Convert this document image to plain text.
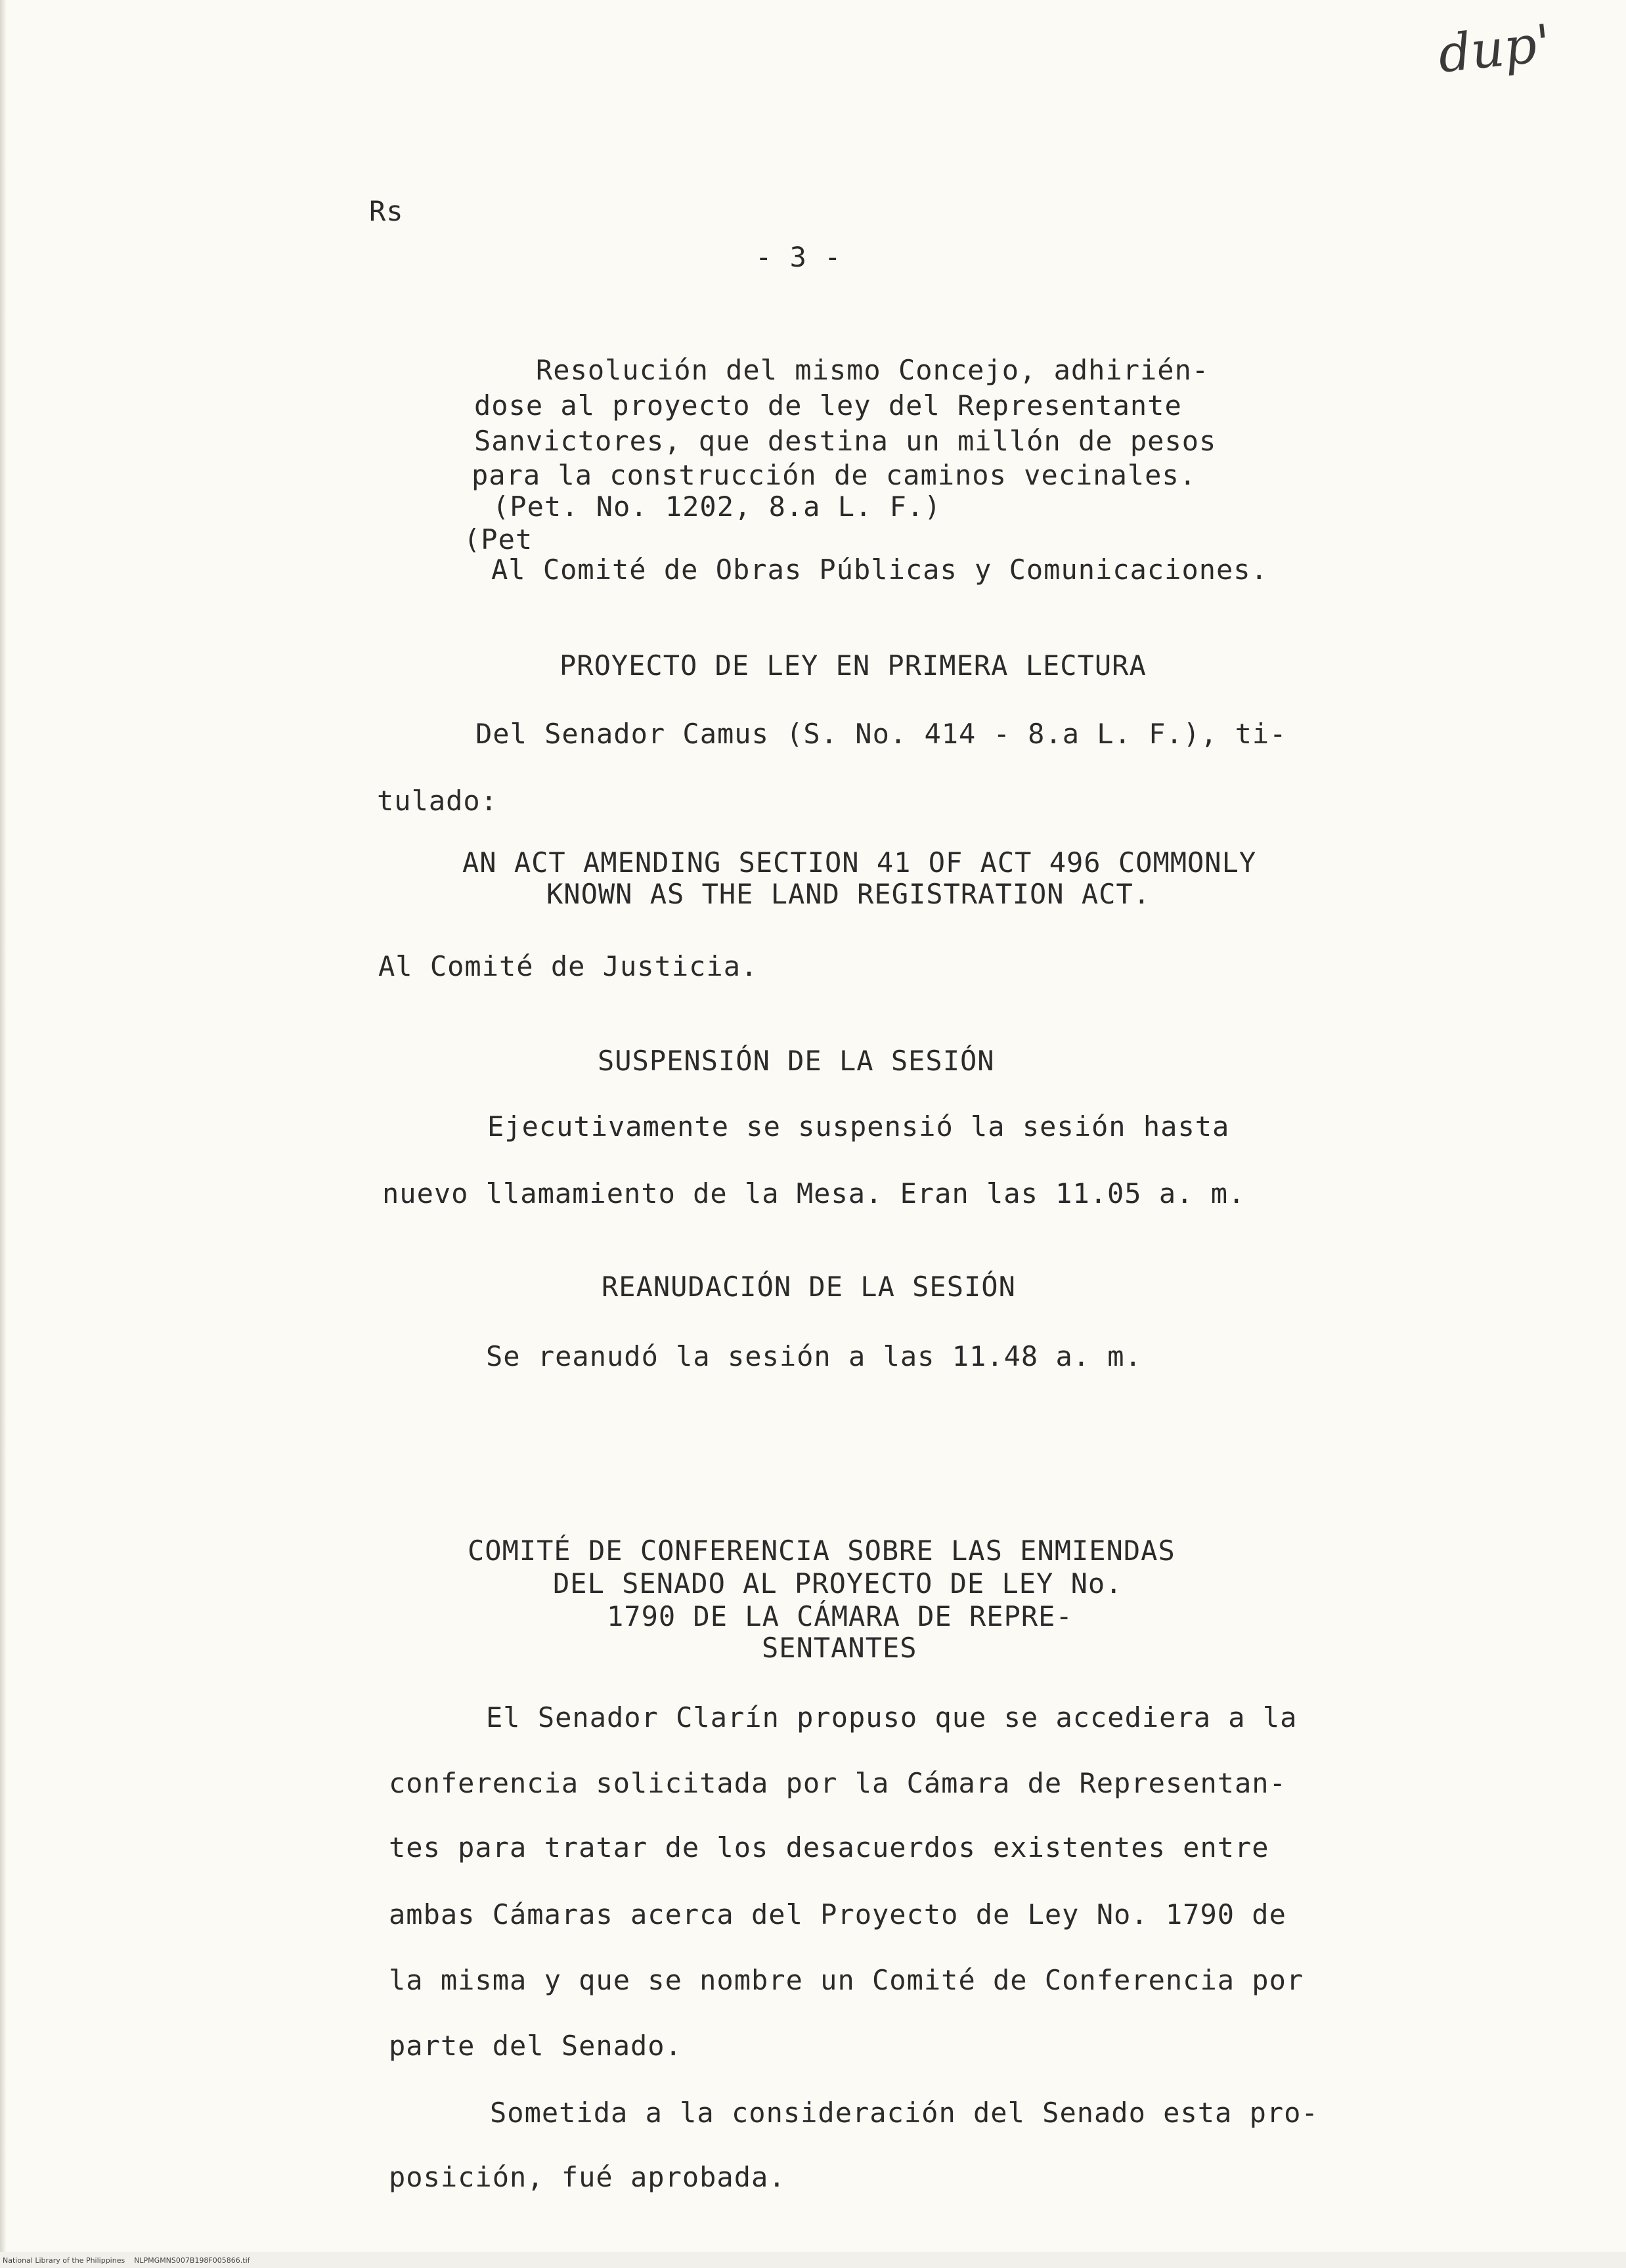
dup'
Rs
- 3 -
Resolución del mismo Concejo, adhirién-
dose al proyecto de ley del Representante
Sanvictores, que destina un millón de pesos
para la construcción de caminos vecinales.
(Pet. No. 1202, 8.a L. F.)
(Pet
Al Comité de Obras Públicas y Comunicaciones.
PROYECTO DE LEY EN PRIMERA LECTURA
Del Senador Camus (S. No. 414 - 8.a L. F.), ti-
tulado:
AN ACT AMENDING SECTION 41 OF ACT 496 COMMONLY
KNOWN AS THE LAND REGISTRATION ACT.
Al Comité de Justicia.
SUSPENSIÓN DE LA SESIÓN
Ejecutivamente se suspensió la sesión hasta
nuevo llamamiento de la Mesa. Eran las 11.05 a. m.
REANUDACIÓN DE LA SESIÓN
Se reanudó la sesión a las 11.48 a. m.
COMITÉ DE CONFERENCIA SOBRE LAS ENMIENDAS
DEL SENADO AL PROYECTO DE LEY No.
1790 DE LA CÁMARA DE REPRE-
SENTANTES
El Senador Clarín propuso que se accediera a la
conferencia solicitada por la Cámara de Representan-
tes para tratar de los desacuerdos existentes entre
ambas Cámaras acerca del Proyecto de Ley No. 1790 de
la misma y que se nombre un Comité de Conferencia por
parte del Senado.
Sometida a la consideración del Senado esta pro-
posición, fué aprobada.
National Library of the Philippines    NLPMGMNS007B198F005866.tif
